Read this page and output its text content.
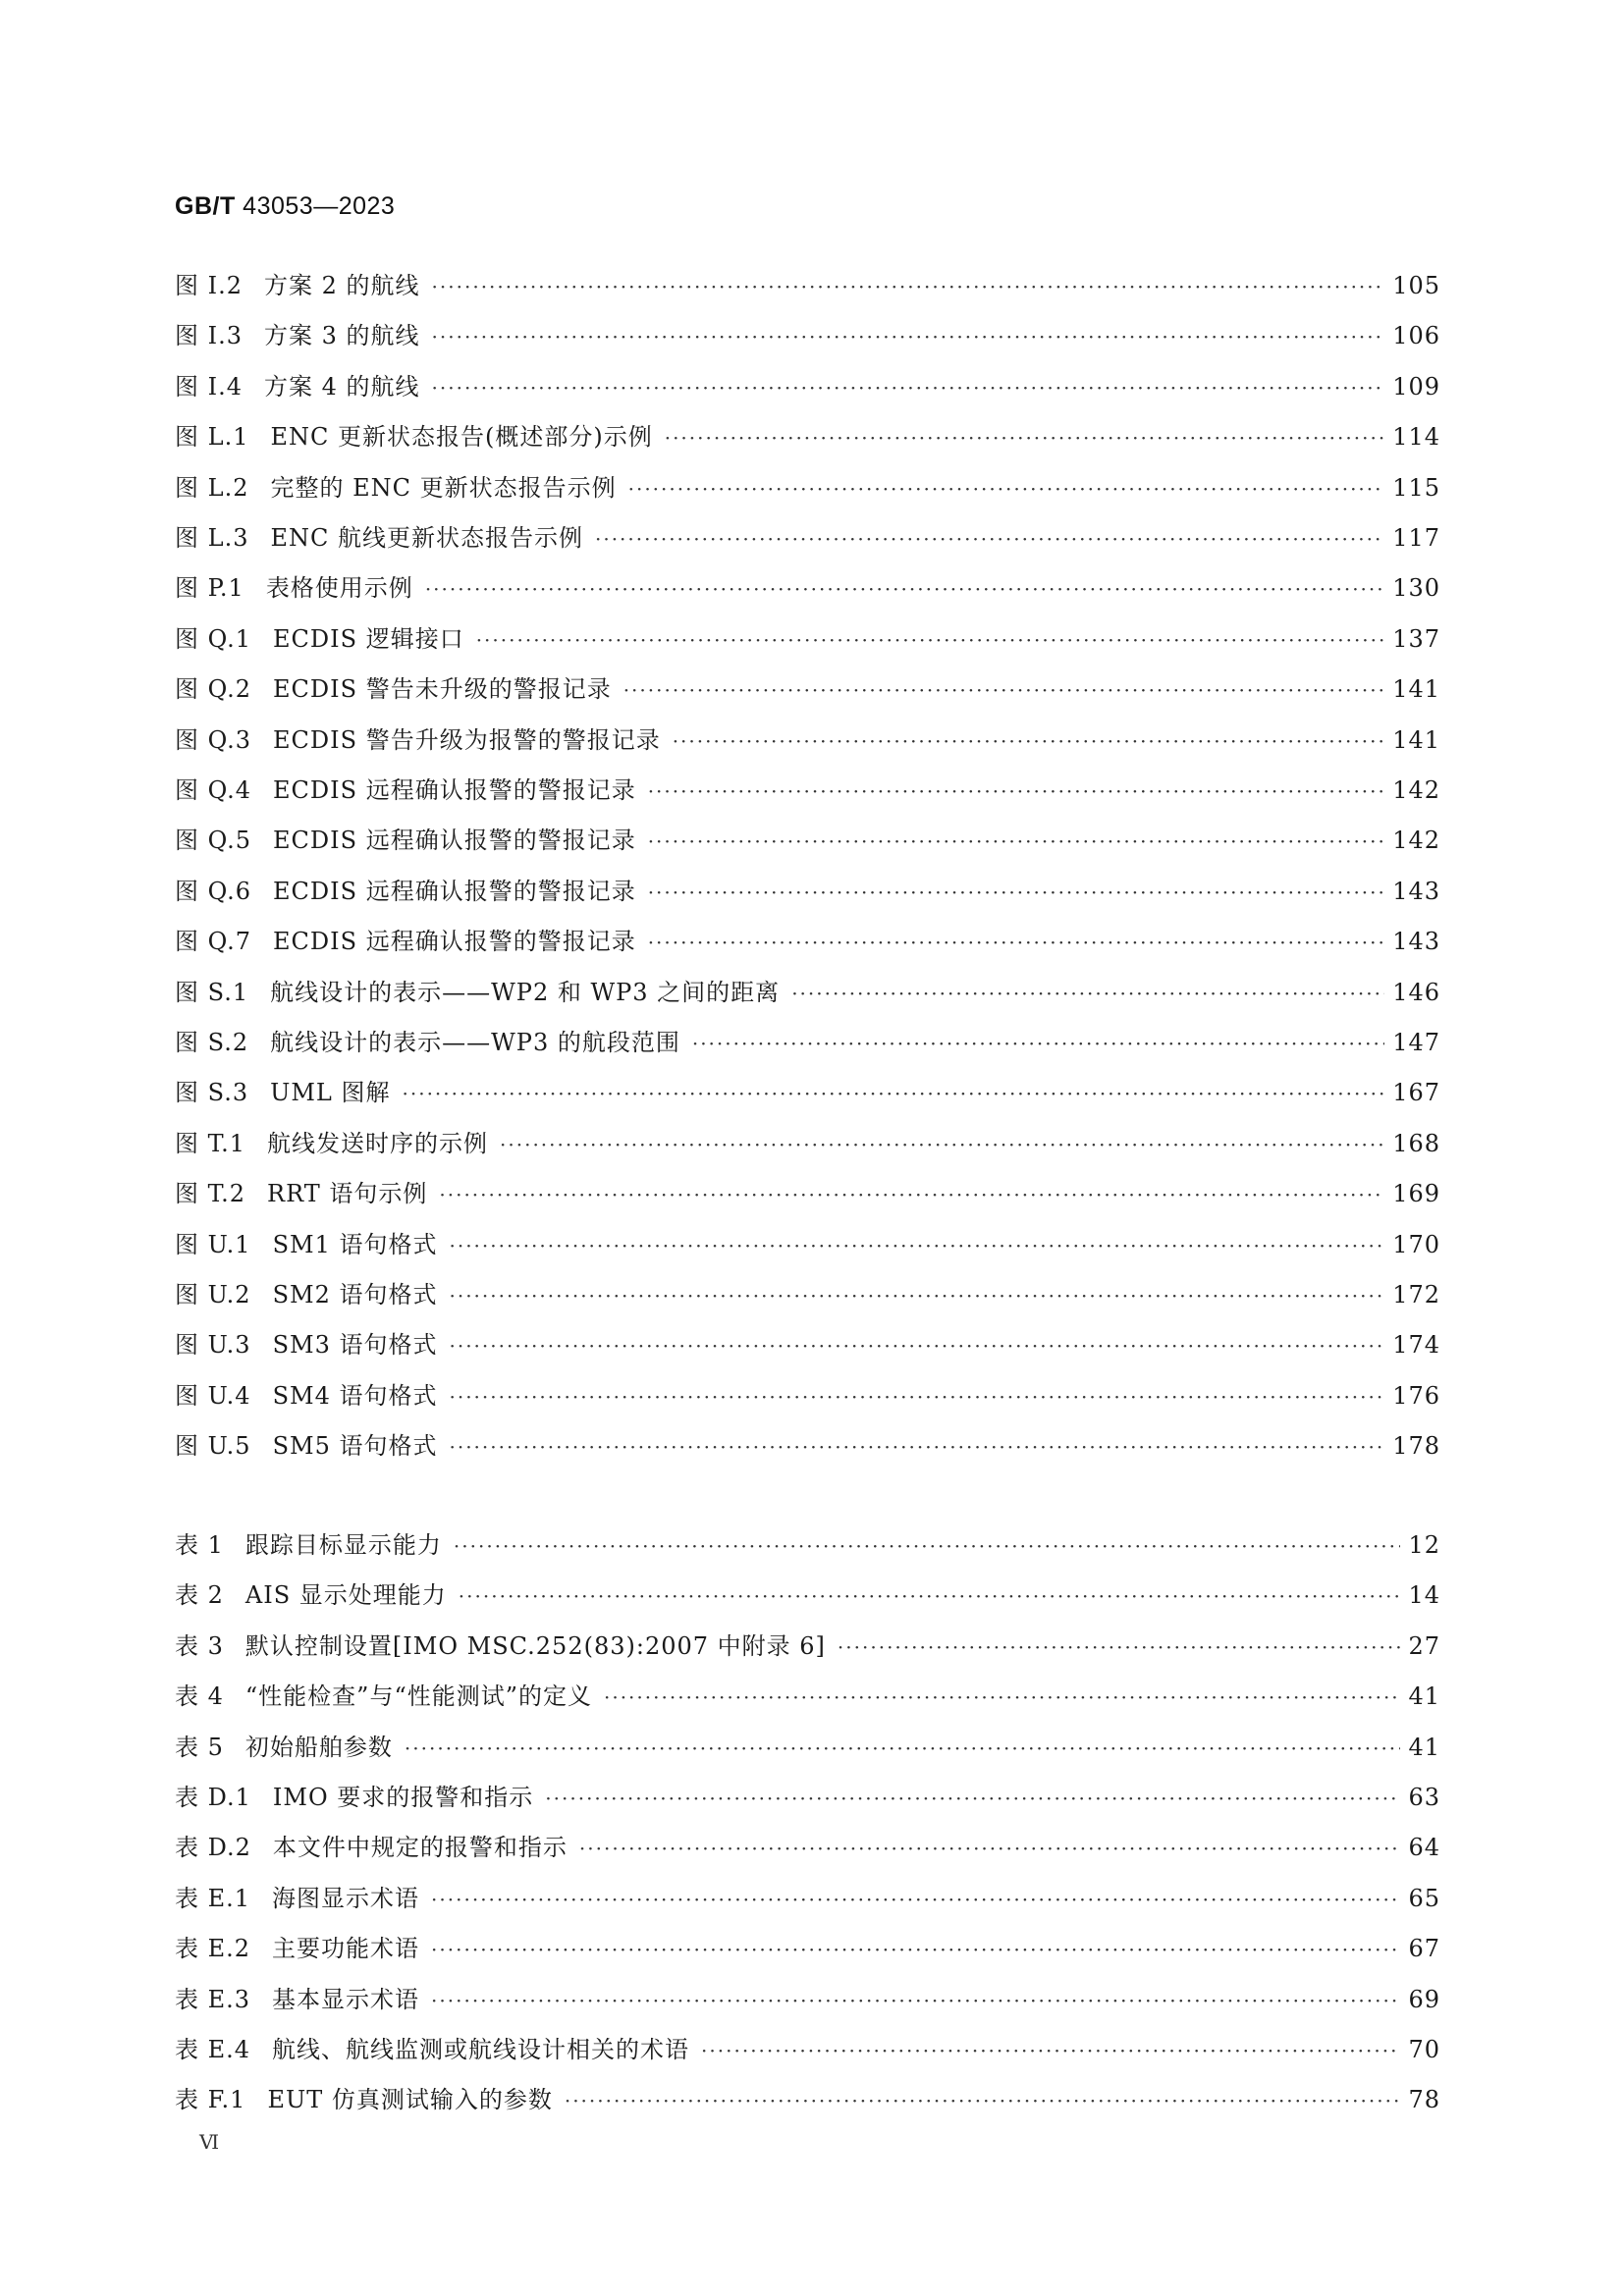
GB/T 43053—2023
图 I.2 方案 2 的航线 ·····	105
图 I.3 方案 3 的航线 ·····	106
图 I.4 方案 4 的航线 ·····	109
图 L.1 ENC 更新状态报告(概述部分)示例 ·····	114
图 L.2 完整的 ENC 更新状态报告示例 ·····	115
图 L.3 ENC 航线更新状态报告示例 ·····	117
图 P.1 表格使用示例 ·····	130
图 Q.1 ECDIS 逻辑接口 ·····	137
图 Q.2 ECDIS 警告未升级的警报记录 ·····	141
图 Q.3 ECDIS 警告升级为报警的警报记录 ·····	141
图 Q.4 ECDIS 远程确认报警的警报记录 ·····	142
图 Q.5 ECDIS 远程确认报警的警报记录 ·····	142
图 Q.6 ECDIS 远程确认报警的警报记录 ·····	143
图 Q.7 ECDIS 远程确认报警的警报记录 ·····	143
图 S.1 航线设计的表示——WP2 和 WP3 之间的距离 ·····	146
图 S.2 航线设计的表示——WP3 的航段范围 ·····	147
图 S.3 UML 图解 ·····	167
图 T.1 航线发送时序的示例 ·····	168
图 T.2 RRT 语句示例 ·····	169
图 U.1 SM1 语句格式 ·····	170
图 U.2 SM2 语句格式 ·····	172
图 U.3 SM3 语句格式 ·····	174
图 U.4 SM4 语句格式 ·····	176
图 U.5 SM5 语句格式 ·····	178
表 1 跟踪目标显示能力 ·····	12
表 2 AIS 显示处理能力 ·····	14
表 3 默认控制设置[IMO MSC.252(83):2007 中附录 6] ·····	27
表 4 “性能检查”与“性能测试”的定义 ·····	41
表 5 初始船舶参数 ·····	41
表 D.1 IMO 要求的报警和指示 ·····	63
表 D.2 本文件中规定的报警和指示 ·····	64
表 E.1 海图显示术语 ·····	65
表 E.2 主要功能术语 ·····	67
表 E.3 基本显示术语 ·····	69
表 E.4 航线、航线监测或航线设计相关的术语 ·····	70
表 F.1 EUT 仿真测试输入的参数 ·····	78
Ⅵ
